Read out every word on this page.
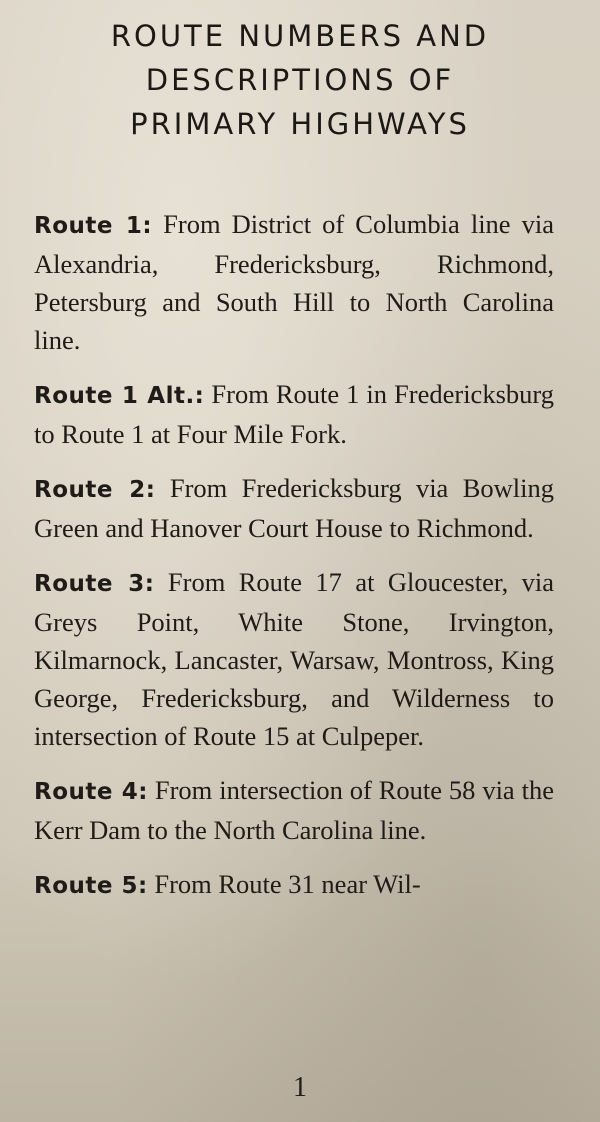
ROUTE NUMBERS AND
DESCRIPTIONS OF
PRIMARY HIGHWAYS

Route 1: From District of Columbia line via Alexandria, Fredericksburg, Richmond, Petersburg and South Hill to North Carolina line.

Route 1 Alt.: From Route 1 in Fredericksburg to Route 1 at Four Mile Fork.

Route 2: From Fredericksburg via Bowling Green and Hanover Court House to Richmond.

Route 3: From Route 17 at Gloucester, via Greys Point, White Stone, Irvington, Kilmarnock, Lancaster, Warsaw, Montross, King George, Fredericksburg, and Wilderness to intersection of Route 15 at Culpeper.

Route 4: From intersection of Route 58 via the Kerr Dam to the North Carolina line.

Route 5: From Route 31 near Wil-

1
